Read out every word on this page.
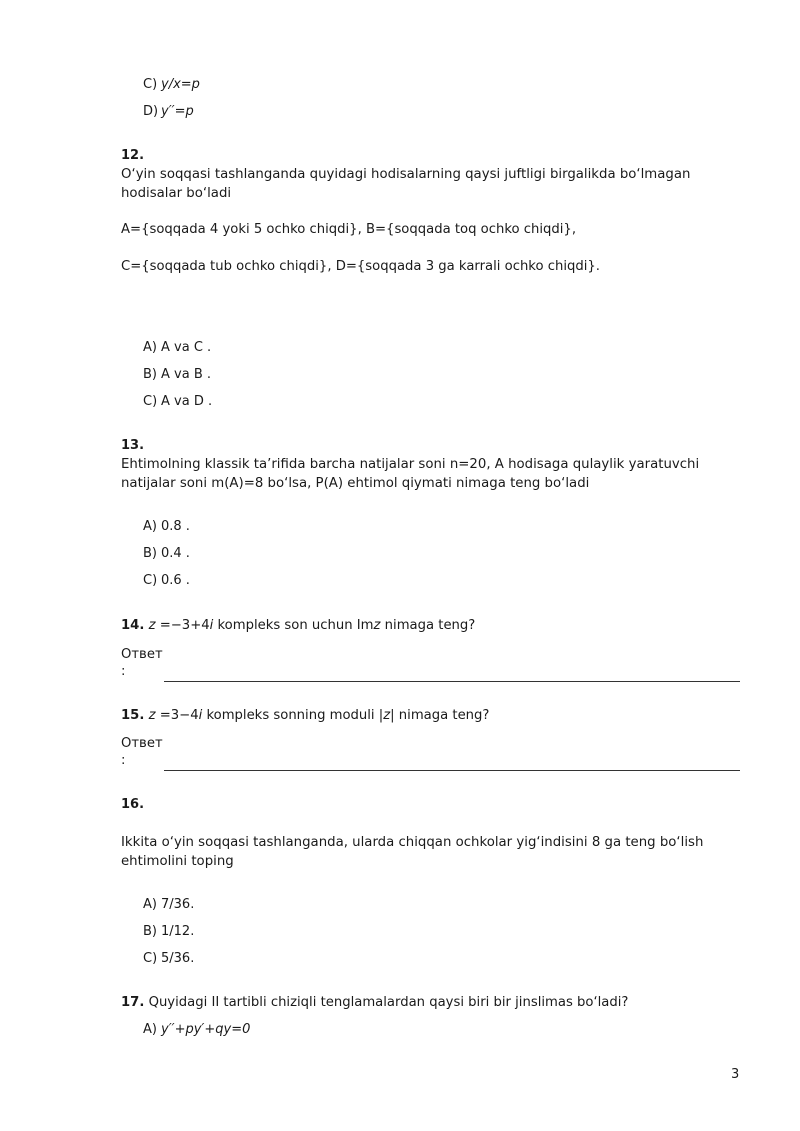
C) y/x=p
D) y′′=p
12.
O‘yin soqqasi tashlanganda quyidagi hodisalarning qaysi juftligi birgalikda bo‘lmagan hodisalar bo‘ladi
A={soqqada 4 yoki 5 ochko chiqdi}, B={soqqada toq ochko chiqdi},
C={soqqada tub ochko chiqdi}, D={soqqada 3 ga karrali ochko chiqdi}.
A) A va C .
B) A va B .
C) A va D .
13.
Ehtimolning klassik ta’rifida barcha natijalar soni n=20, A hodisaga qulaylik yaratuvchi natijalar soni m(A)=8 bo‘lsa, P(A) ehtimol qiymati nimaga teng bo‘ladi
A) 0.8 .
B) 0.4 .
C) 0.6 .
14. z =−3+4i kompleks son uchun Imz nimaga teng?
Ответ
:
15. z =3−4i kompleks sonning moduli |z| nimaga teng?
Ответ
:
16.
Ikkita o‘yin soqqasi tashlanganda, ularda chiqqan ochkolar yig‘indisini 8 ga teng bo‘lish ehtimolini toping
A) 7/36.
B) 1/12.
C) 5/36.
17. Quyidagi II tartibli chiziqli tenglamalardan qaysi biri bir jinslimas bo‘ladi?
A) y′′+py′+qy=0
3
